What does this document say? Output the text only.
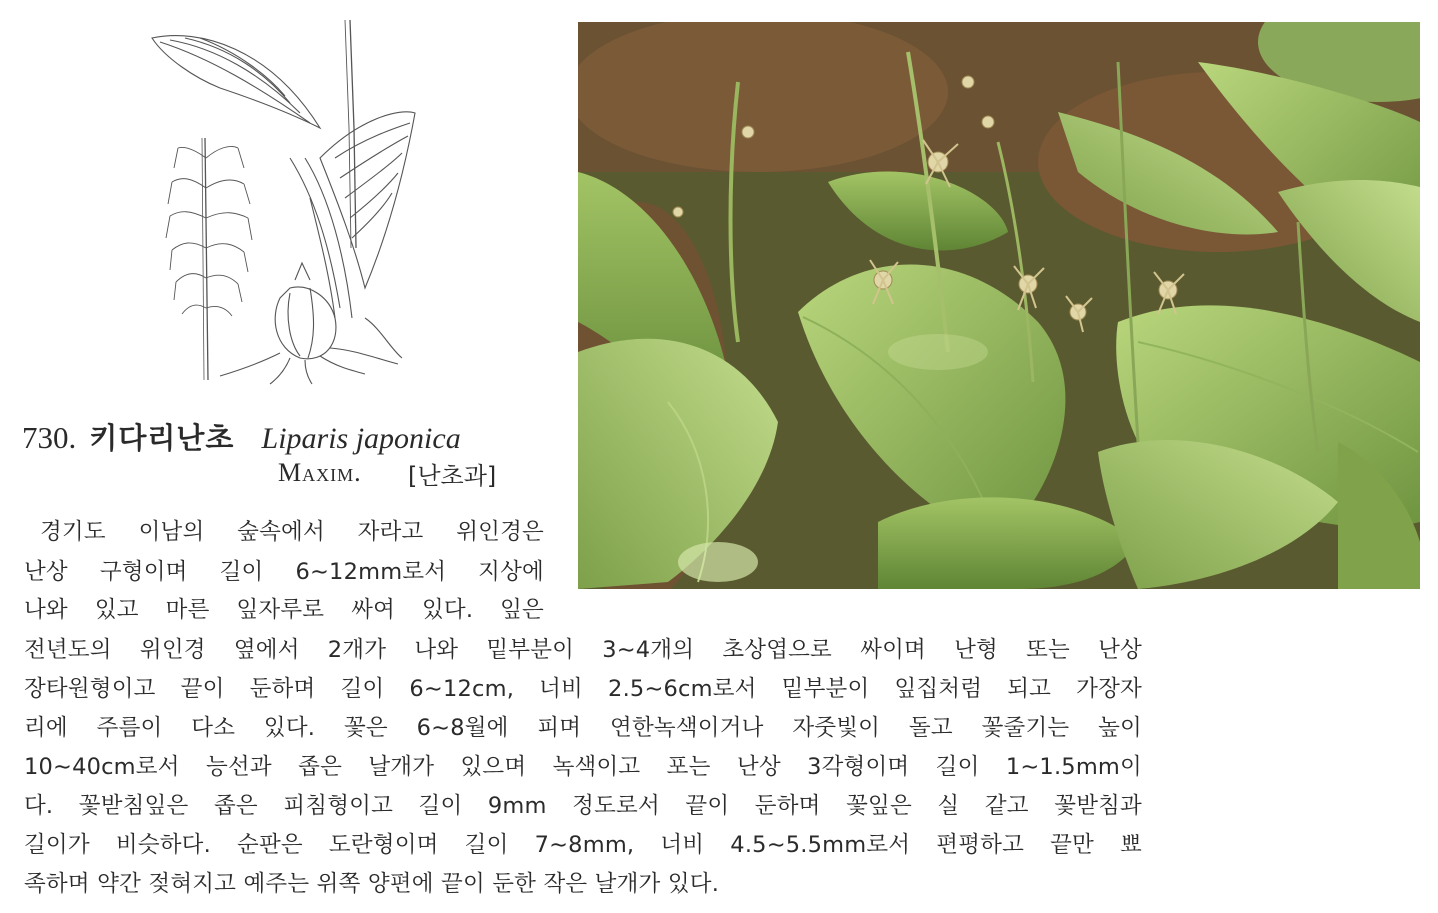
730. 키다리난초 Liparis japonica
Maxim. [난초과]
경기도 이남의 숲속에서 자라고 위인경은
난상 구형이며 길이 6∼12mm로서 지상에
나와 있고 마른 잎자루로 싸여 있다. 잎은
전년도의 위인경 옆에서 2개가 나와 밑부분이 3∼4개의 초상엽으로 싸이며 난형 또는 난상
장타원형이고 끝이 둔하며 길이 6∼12cm, 너비 2.5∼6cm로서 밑부분이 잎집처럼 되고 가장자
리에 주름이 다소 있다. 꽃은 6∼8월에 피며 연한녹색이거나 자줏빛이 돌고 꽃줄기는 높이
10∼40cm로서 능선과 좁은 날개가 있으며 녹색이고 포는 난상 3각형이며 길이 1∼1.5mm이
다. 꽃받침잎은 좁은 피침형이고 길이 9mm 정도로서 끝이 둔하며 꽃잎은 실 같고 꽃받침과
길이가 비슷하다. 순판은 도란형이며 길이 7∼8mm, 너비 4.5∼5.5mm로서 편평하고 끝만 뾰
족하며 약간 젖혀지고 예주는 위쪽 양편에 끝이 둔한 작은 날개가 있다.
